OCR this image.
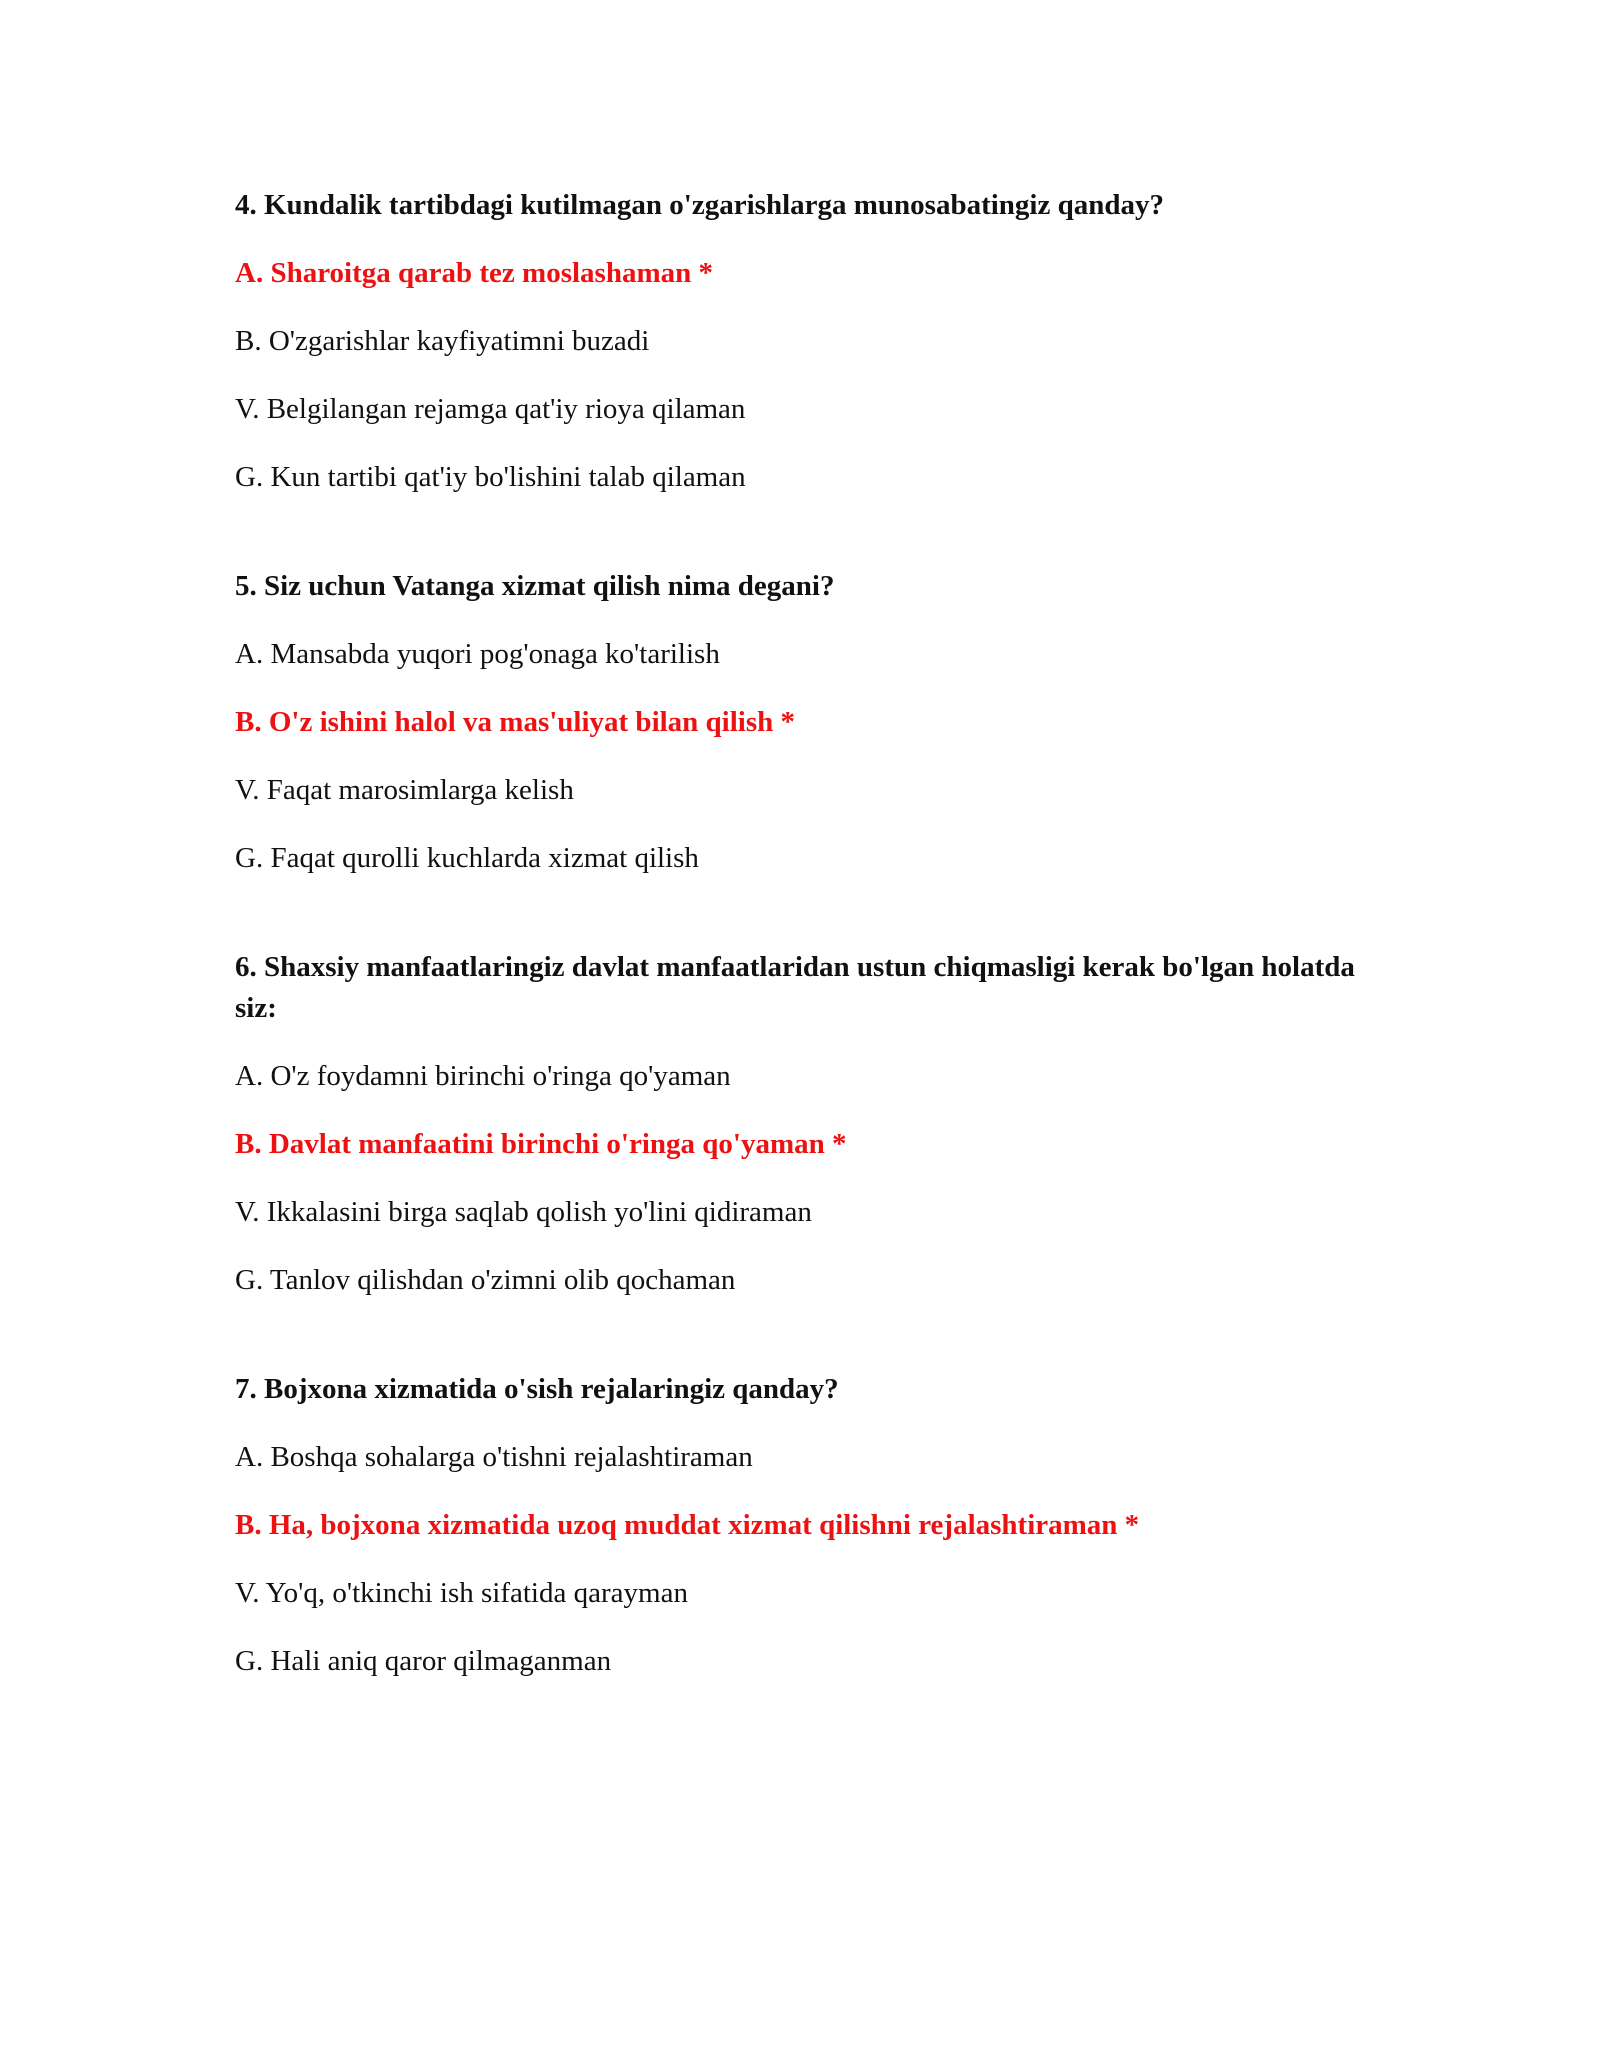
4. Kundalik tartibdagi kutilmagan o'zgarishlarga munosabatingiz qanday?

A. Sharoitga qarab tez moslashaman *

B. O'zgarishlar kayfiyatimni buzadi

V. Belgilangan rejamga qat'iy rioya qilaman

G. Kun tartibi qat'iy bo'lishini talab qilaman

5. Siz uchun Vatanga xizmat qilish nima degani?

A. Mansabda yuqori pog'onaga ko'tarilish

B. O'z ishini halol va mas'uliyat bilan qilish *

V. Faqat marosimlarga kelish

G. Faqat qurolli kuchlarda xizmat qilish

6. Shaxsiy manfaatlaringiz davlat manfaatlaridan ustun chiqmasligi kerak bo'lgan holatda siz:

A. O'z foydamni birinchi o'ringa qo'yaman

B. Davlat manfaatini birinchi o'ringa qo'yaman *

V. Ikkalasini birga saqlab qolish yo'lini qidiraman

G. Tanlov qilishdan o'zimni olib qochaman

7. Bojxona xizmatida o'sish rejalaringiz qanday?

A. Boshqa sohalarga o'tishni rejalashtiraman

B. Ha, bojxona xizmatida uzoq muddat xizmat qilishni rejalashtiraman *

V. Yo'q, o'tkinchi ish sifatida qarayman

G. Hali aniq qaror qilmaganman
